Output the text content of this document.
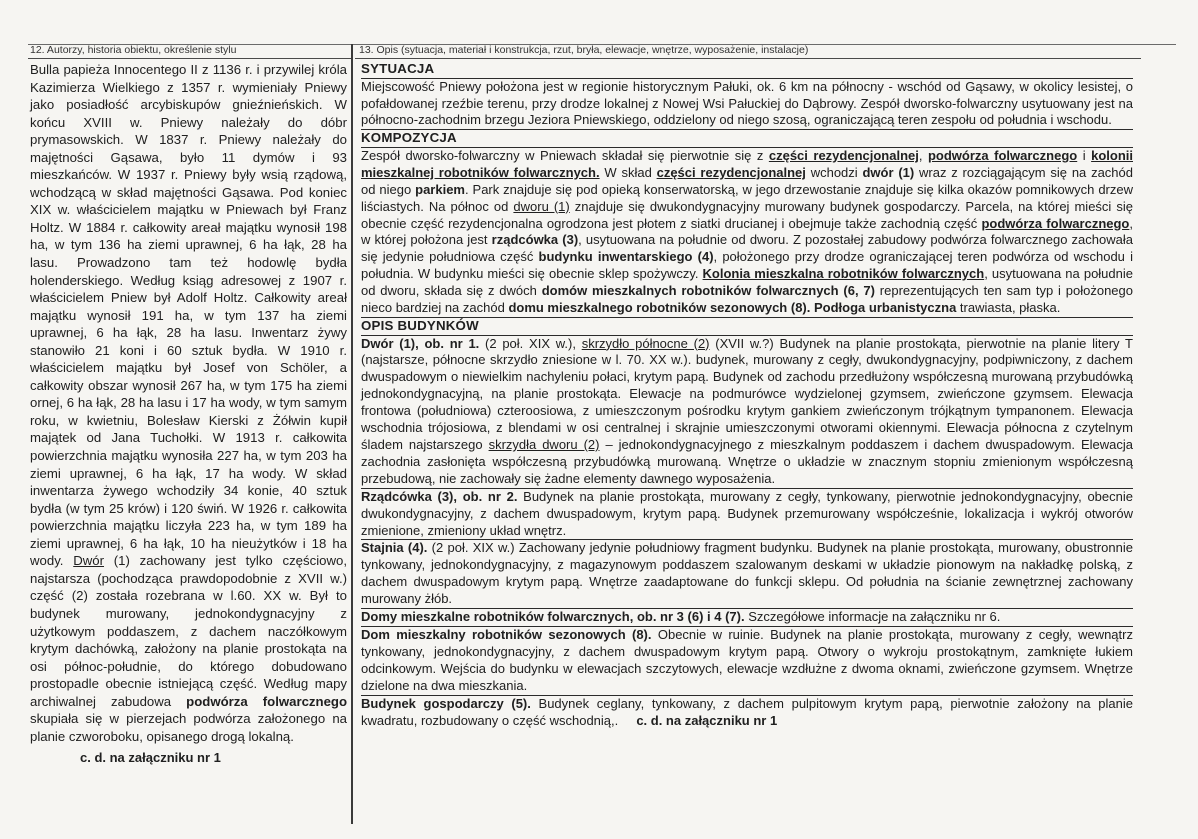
12. Autorzy, historia obiektu, określenie stylu

Bulla papieża Innocentego II z 1136 r. i przywilej króla Kazimierza Wielkiego z 1357 r. wymieniały Pniewy jako posiadłość arcybiskupów gnieźnieńskich. W końcu XVIII w. Pniewy należały do dóbr prymasowskich. W 1837 r. Pniewy należały do majętności Gąsawa, było 11 dymów i 93 mieszkańców. W 1937 r. Pniewy były wsią rządową, wchodzącą w skład majętności Gąsawa. Pod koniec XIX w. właścicielem majątku w Pniewach był Franz Holtz. W 1884 r. całkowity areał majątku wynosił 198 ha, w tym 136 ha ziemi uprawnej, 6 ha łąk, 28 ha lasu. Prowadzono tam też hodowlę bydła holenderskiego. Według ksiąg adresowej z 1907 r. właścicielem Pniew był Adolf Holtz. Całkowity areał majątku wynosił 191 ha, w tym 137 ha ziemi uprawnej, 6 ha łąk, 28 ha lasu. Inwentarz żywy stanowiło 21 koni i 60 sztuk bydła. W 1910 r. właścicielem majątku był Josef von Schöler, a całkowity obszar wynosił 267 ha, w tym 175 ha ziemi ornej, 6 ha łąk, 28 ha lasu i 17 ha wody, w tym samym roku, w kwietniu, Bolesław Kierski z Żółwin kupił majątek od Jana Tuchołki. W 1913 r. całkowita powierzchnia majątku wynosiła 227 ha, w tym 203 ha ziemi uprawnej, 6 ha łąk, 17 ha wody. W skład inwentarza żywego wchodziły 34 konie, 40 sztuk bydła (w tym 25 krów) i 120 świń. W 1926 r. całkowita powierzchnia majątku liczyła 223 ha, w tym 189 ha ziemi uprawnej, 6 ha łąk, 10 ha nieużytków i 18 ha wody. Dwór (1) zachowany jest tylko częściowo, najstarsza (pochodząca prawdopodobnie z XVII w.) część (2) została rozebrana w l.60. XX w. Był to budynek murowany, jednokondygnacyjny z użytkowym poddaszem, z dachem naczółkowym krytym dachówką, założony na planie prostokąta na osi północ-południe, do którego dobudowano prostopadle obecnie istniejącą część. Według mapy archiwalnej zabudowa podwórza folwarcznego skupiała się w pierzejach podwórza założonego na planie czworoboku, opisanego drogą lokalną.

c. d. na załączniku nr 1
13. Opis (sytuacja, materiał i konstrukcja, rzut, bryła, elewacje, wnętrze, wyposażenie, instalacje)
SYTUACJA

Miejscowość Pniewy położona jest w regionie historycznym Pałuki, ok. 6 km na północny - wschód od Gąsawy, w okolicy lesistej, o pofałdowanej rzeźbie terenu, przy drodze lokalnej z Nowej Wsi Pałuckiej do Dąbrowy. Zespół dworsko-folwarczny usytuowany jest na północno-zachodnim brzegu Jeziora Pniewskiego, oddzielony od niego szosą, ograniczającą teren zespołu od południa i wschodu.

KOMPOZYCJA

Zespół dworsko-folwarczny w Pniewach składał się pierwotnie się z części rezydencjonalnej, podwórza folwarcznego i kolonii mieszkalnej robotników folwarcznych. W skład części rezydencjonalnej wchodzi dwór (1) wraz z rozciągającym się na zachód od niego parkiem. Park znajduje się pod opieką konserwatorską, w jego drzewostanie znajduje się kilka okazów pomnikowych drzew liściastych. Na północ od dworu (1) znajduje się dwukondygnacyjny murowany budynek gospodarczy. Parcela, na której mieści się obecnie część rezydencjonalna ogrodzona jest płotem z siatki drucianej i obejmuje także zachodnią część podwórza folwarcznego, w której położona jest rządcówka (3), usytuowana na południe od dworu. Z pozostałej zabudowy podwórza folwarcznego zachowała się jedynie południowa część budynku inwentarskiego (4), położonego przy drodze ograniczającej teren podwórza od wschodu i południa. W budynku mieści się obecnie sklep spożywczy. Kolonia mieszkalna robotników folwarcznych, usytuowana na południe od dworu, składa się z dwóch domów mieszkalnych robotników folwarcznych (6, 7) reprezentujących ten sam typ i położonego nieco bardziej na zachód domu mieszkalnego robotników sezonowych (8). Podłoga urbanistyczna trawiasta, płaska.

OPIS BUDYNKÓW

Dwór (1), ob. nr 1. (2 poł. XIX w.), skrzydło północne (2) (XVII w.?) Budynek na planie prostokąta, pierwotnie na planie litery T (najstarsze, północne skrzydło zniesione w l. 70. XX w.). budynek, murowany z cegły, dwukondygnacyjny, podpiwniczony, z dachem dwuspadowym o niewielkim nachyleniu połaci, krytym papą. Budynek od zachodu przedłużony współczesną murowaną przybudówką jednokondygnacyjną, na planie prostokąta. Elewacje na podmurówce wydzielonej gzymsem, zwieńczone gzymsem. Elewacja frontowa (południowa) czteroosiowa, z umieszczonym pośrodku krytym gankiem zwieńczonym trójkątnym tympanonem. Elewacja wschodnia trójosiowa, z blendami w osi centralnej i skrajnie umieszczonymi otworami okiennymi. Elewacja północna z czytelnym śladem najstarszego skrzydła dworu (2) – jednokondygnacyjnego z mieszkalnym poddaszem i dachem dwuspadowym. Elewacja zachodnia zasłonięta współczesną przybudówką murowaną. Wnętrze o układzie w znacznym stopniu zmienionym współczesną przebudową, nie zachowały się żadne elementy dawnego wyposażenia.

Rządcówka (3), ob. nr 2. Budynek na planie prostokąta, murowany z cegły, tynkowany, pierwotnie jednokondygnacyjny, obecnie dwukondygnacyjny, z dachem dwuspadowym, krytym papą. Budynek przemurowany współcześnie, lokalizacja i wykrój otworów zmienione, zmieniony układ wnętrz.

Stajnia (4). (2 poł. XIX w.) Zachowany jedynie południowy fragment budynku. Budynek na planie prostokąta, murowany, obustronnie tynkowany, jednokondygnacyjny, z magazynowym poddaszem szalowanym deskami w układzie pionowym na nakładkę polską, z dachem dwuspadowym krytym papą. Wnętrze zaadaptowane do funkcji sklepu. Od południa na ścianie zewnętrznej zachowany murowany żłób.

Domy mieszkalne robotników folwarcznych, ob. nr 3 (6) i 4 (7). Szczegółowe informacje na załączniku nr 6.

Dom mieszkalny robotników sezonowych (8). Obecnie w ruinie. Budynek na planie prostokąta, murowany z cegły, wewnątrz tynkowany, jednokondygnacyjny, z dachem dwuspadowym krytym papą. Otwory o wykroju prostokątnym, zamknięte łukiem odcinkowym. Wejścia do budynku w elewacjach szczytowych, elewacje wzdłużne z dwoma oknami, zwieńczone gzymsem. Wnętrze dzielone na dwa mieszkania.

Budynek gospodarczy (5). Budynek ceglany, tynkowany, z dachem pulpitowym krytym papą, pierwotnie założony na planie kwadratu, rozbudowany o część wschodnią,. c. d. na załączniku nr 1
